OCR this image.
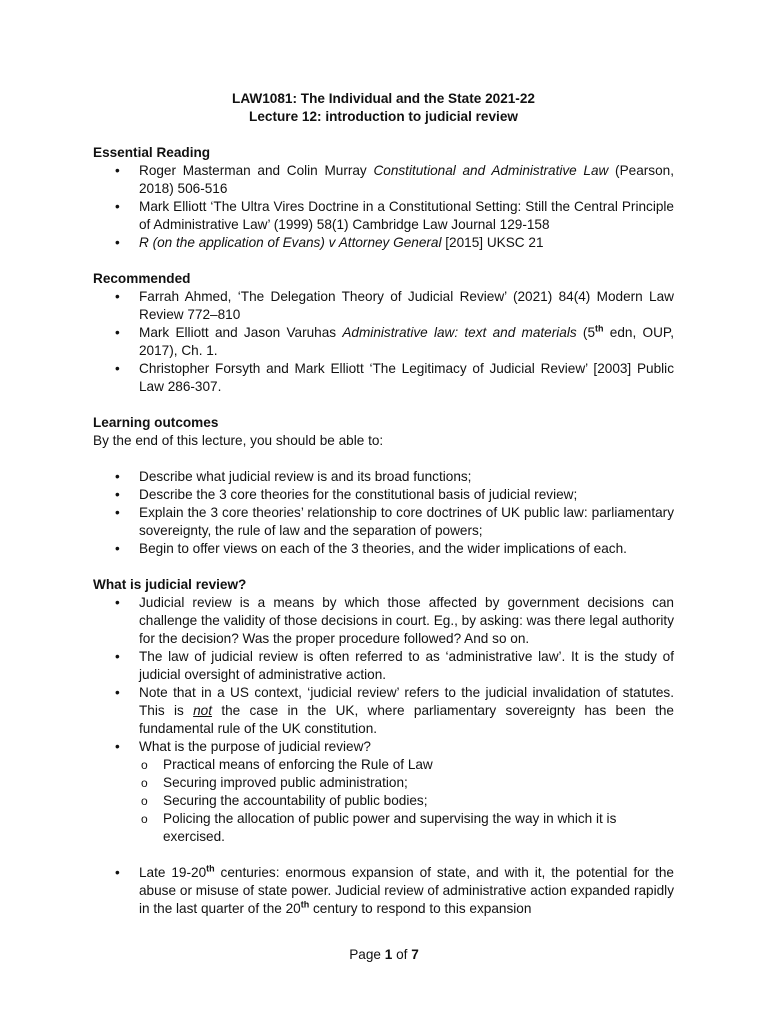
LAW1081: The Individual and the State 2021-22

Lecture 12: introduction to judicial review

Essential Reading

• Roger Masterman and Colin Murray Constitutional and Administrative Law (Pearson, 2018) 506-516
• Mark Elliott ‘The Ultra Vires Doctrine in a Constitutional Setting: Still the Central Principle of Administrative Law’ (1999) 58(1) Cambridge Law Journal 129-158
• R (on the application of Evans) v Attorney General [2015] UKSC 21

Recommended

• Farrah Ahmed, ‘The Delegation Theory of Judicial Review’ (2021) 84(4) Modern Law Review 772–810
• Mark Elliott and Jason Varuhas Administrative law: text and materials (5th edn, OUP, 2017), Ch. 1.
• Christopher Forsyth and Mark Elliott ‘The Legitimacy of Judicial Review’ [2003] Public Law 286-307.

Learning outcomes

By the end of this lecture, you should be able to:

• Describe what judicial review is and its broad functions;
• Describe the 3 core theories for the constitutional basis of judicial review;
• Explain the 3 core theories’ relationship to core doctrines of UK public law: parliamentary sovereignty, the rule of law and the separation of powers;
• Begin to offer views on each of the 3 theories, and the wider implications of each.

What is judicial review?

• Judicial review is a means by which those affected by government decisions can challenge the validity of those decisions in court. Eg., by asking: was there legal authority for the decision? Was the proper procedure followed? And so on.
• The law of judicial review is often referred to as ‘administrative law’. It is the study of judicial oversight of administrative action.
• Note that in a US context, ‘judicial review’ refers to the judicial invalidation of statutes. This is not the case in the UK, where parliamentary sovereignty has been the fundamental rule of the UK constitution.
• What is the purpose of judicial review?
o Practical means of enforcing the Rule of Law
o Securing improved public administration;
o Securing the accountability of public bodies;
o Policing the allocation of public power and supervising the way in which it is exercised.
• Late 19-20th centuries: enormous expansion of state, and with it, the potential for the abuse or misuse of state power. Judicial review of administrative action expanded rapidly in the last quarter of the 20th century to respond to this expansion
Page 1 of 7
